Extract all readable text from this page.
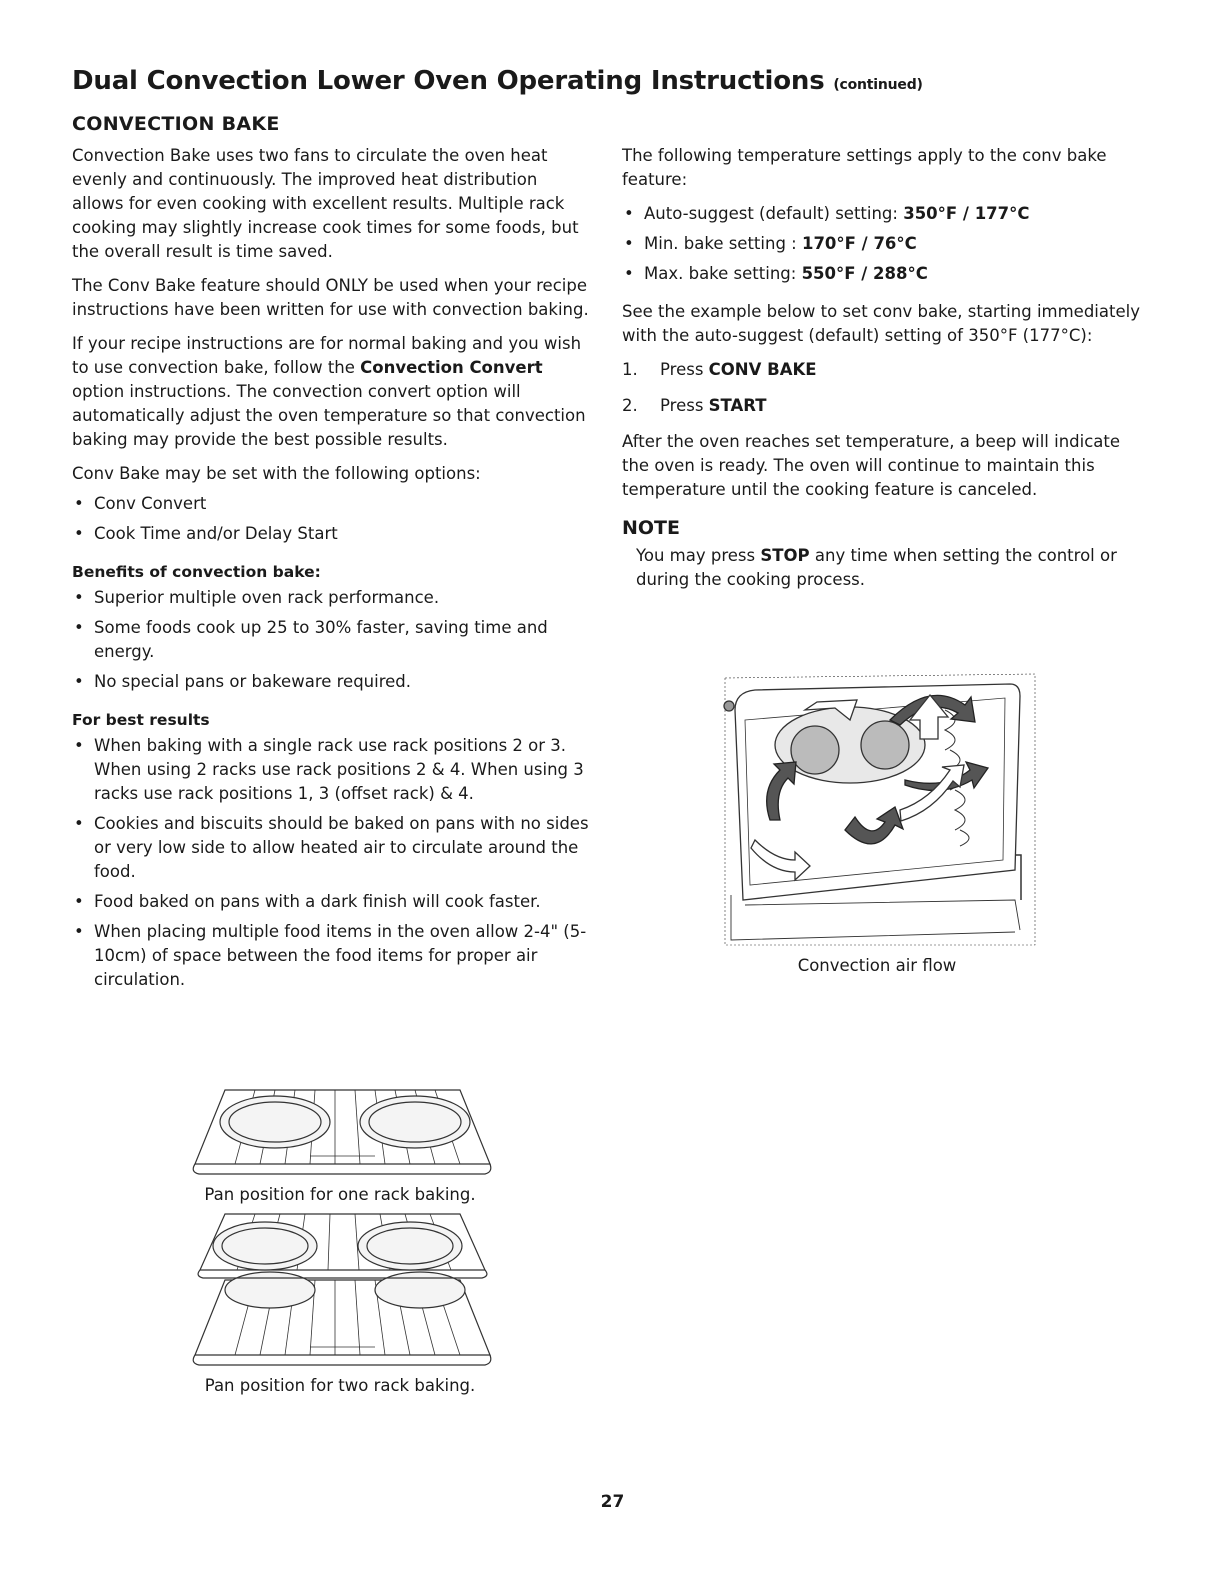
Dual Convection Lower Oven Operating Instructions (continued)
CONVECTION BAKE

Convection Bake uses two fans to circulate the oven heat evenly and continuously. The improved heat distribution allows for even cooking with excellent results. Multiple rack cooking may slightly increase cook times for some foods, but the overall result is time saved.

The Conv Bake feature should ONLY be used when your recipe instructions have been written for use with convection baking.

If your recipe instructions are for normal baking and you wish to use convection bake, follow the Convection Convert option instructions. The convection convert option will automatically adjust the oven temperature so that convection baking may provide the best possible results.

Conv Bake may be set with the following options:

• Conv Convert
• Cook Time and/or Delay Start
Benefits of convection bake:
• Superior multiple oven rack performance.
• Some foods cook up 25 to 30% faster, saving time and energy.
• No special pans or bakeware required.
For best results
• When baking with a single rack use rack positions 2 or 3. When using 2 racks use rack positions 2 & 4. When using 3 racks use rack positions 1, 3 (offset rack) & 4.
• Cookies and biscuits should be baked on pans with no sides or very low side to allow heated air to circulate around the food.
• Food baked on pans with a dark finish will cook faster.
• When placing multiple food items in the oven allow 2-4" (5-10cm) of space between the food items for proper air circulation.
Pan position for one rack baking.
Pan position for two rack baking.

The following temperature settings apply to the conv bake feature:

• Auto-suggest (default) setting: 350°F / 177°C
• Min. bake setting : 170°F / 76°C
• Max. bake setting: 550°F / 288°C

See the example below to set conv bake, starting immediately with the auto-suggest (default) setting of 350°F (177°C):

1.	Press CONV BAKE
2.	Press START

After the oven reaches set temperature, a beep will indicate the oven is ready. The oven will continue to maintain this temperature until the cooking feature is canceled.

NOTE

You may press STOP any time when setting the control or during the cooking process.

Convection air flow
27
